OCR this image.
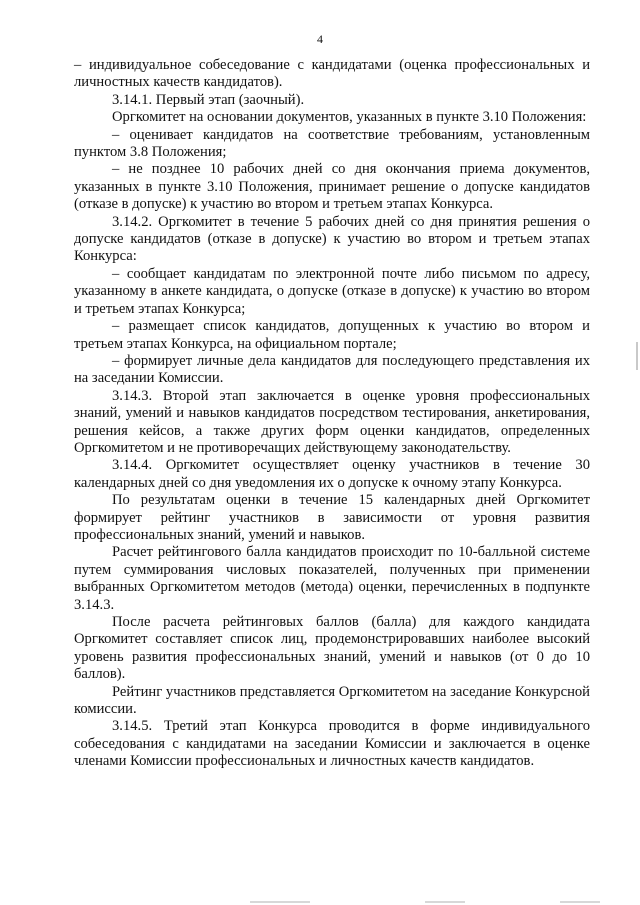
4

– индивидуальное собеседование с кандидатами (оценка профессиональных и личностных качеств кандидатов).

3.14.1. Первый этап (заочный).

Оргкомитет на основании документов, указанных в пункте 3.10 Положения:

– оценивает кандидатов на соответствие требованиям, установленным пунктом 3.8 Положения;

– не позднее 10 рабочих дней со дня окончания приема документов, указанных в пункте 3.10 Положения, принимает решение о допуске кандидатов (отказе в допуске) к участию во втором и третьем этапах Конкурса.

3.14.2. Оргкомитет в течение 5 рабочих дней со дня принятия решения о допуске кандидатов (отказе в допуске) к участию во втором и третьем этапах Конкурса:

– сообщает кандидатам по электронной почте либо письмом по адресу, указанному в анкете кандидата, о допуске (отказе в допуске) к участию во втором и третьем этапах Конкурса;

– размещает список кандидатов, допущенных к участию во втором и третьем этапах Конкурса, на официальном портале;

– формирует личные дела кандидатов для последующего представления их на заседании Комиссии.

3.14.3. Второй этап заключается в оценке уровня профессиональных знаний, умений и навыков кандидатов посредством тестирования, анкетирования, решения кейсов, а также других форм оценки кандидатов, определенных Оргкомитетом и не противоречащих действующему законодательству.

3.14.4. Оргкомитет осуществляет оценку участников в течение 30 календарных дней со дня уведомления их о допуске к очному этапу Конкурса.

По результатам оценки в течение 15 календарных дней Оргкомитет формирует рейтинг участников в зависимости от уровня развития профессиональных знаний, умений и навыков.

Расчет рейтингового балла кандидатов происходит по 10-балльной системе путем суммирования числовых показателей, полученных при применении выбранных Оргкомитетом методов (метода) оценки, перечисленных в подпункте 3.14.3.

После расчета рейтинговых баллов (балла) для каждого кандидата Оргкомитет составляет список лиц, продемонстрировавших наиболее высокий уровень развития профессиональных знаний, умений и навыков (от 0 до 10 баллов).

Рейтинг участников представляется Оргкомитетом на заседание Конкурсной комиссии.

3.14.5. Третий этап Конкурса проводится в форме индивидуального собеседования с кандидатами на заседании Комиссии и заключается в оценке членами Комиссии профессиональных и личностных качеств кандидатов.
